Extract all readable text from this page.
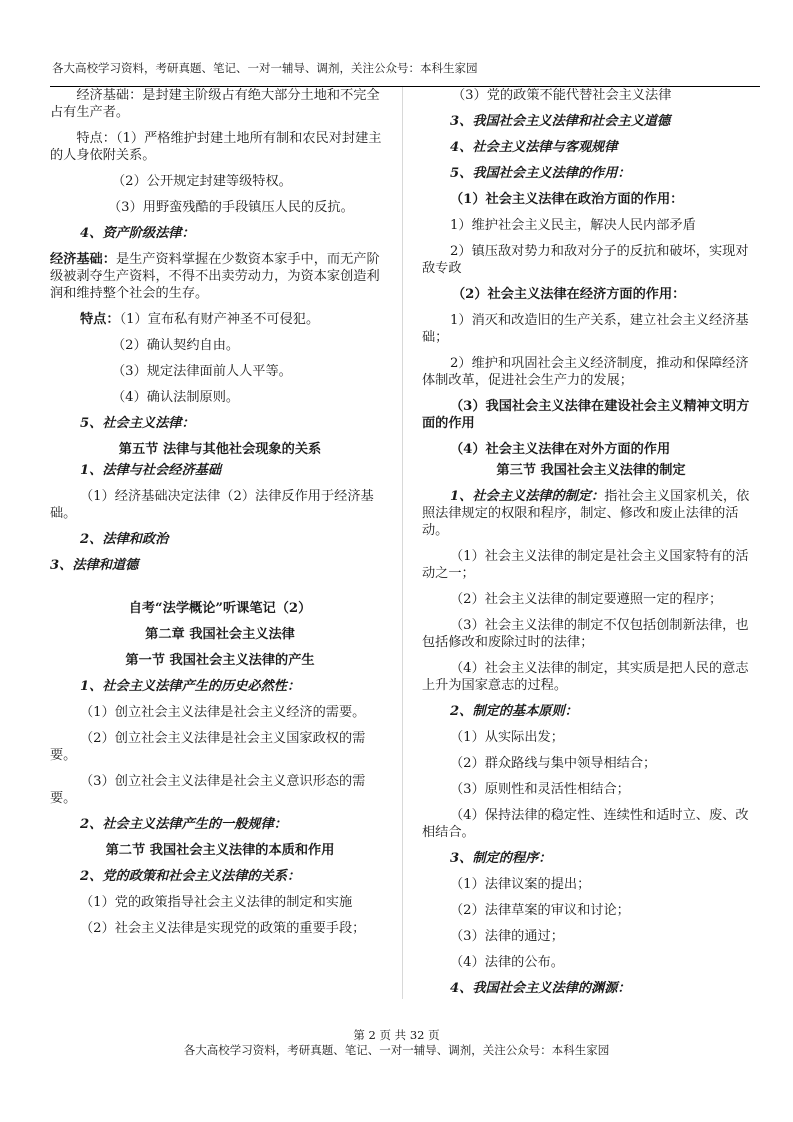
各大高校学习资料，考研真题、笔记、一对一辅导、调剂，关注公众号：本科生家园

　　经济基础：是封建主阶级占有绝大部分土地和不完全占有生产者。

　　特点：（1）严格维护封建土地所有制和农民对封建主的人身依附关系。

（2）公开规定封建等级特权。

（3）用野蛮残酷的手段镇压人民的反抗。

4、资产阶级法律：

经济基础：是生产资料掌握在少数资本家手中，而无产阶级被剥夺生产资料，不得不出卖劳动力，为资本家创造利润和维持整个社会的生存。

特点：（1）宣布私有财产神圣不可侵犯。

（2）确认契约自由。

（3）规定法律面前人人平等。

（4）确认法制原则。

5、社会主义法律：

第五节 法律与其他社会现象的关系

1、法律与社会经济基础

（1）经济基础决定法律（2）法律反作用于经济基础。

2、法律和政治

3、法律和道德

自考“法学概论”听课笔记（2）

第二章 我国社会主义法律

第一节 我国社会主义法律的产生

1、社会主义法律产生的历史必然性：

（1）创立社会主义法律是社会主义经济的需要。

（2）创立社会主义法律是社会主义国家政权的需要。

（3）创立社会主义法律是社会主义意识形态的需要。

2、社会主义法律产生的一般规律：

第二节 我国社会主义法律的本质和作用

2、党的政策和社会主义法律的关系：

（1）党的政策指导社会主义法律的制定和实施

（2）社会主义法律是实现党的政策的重要手段；

（3）党的政策不能代替社会主义法律

3、我国社会主义法律和社会主义道德

4、社会主义法律与客观规律

5、我国社会主义法律的作用：

（1）社会主义法律在政治方面的作用：

1）维护社会主义民主，解决人民内部矛盾

2）镇压敌对势力和敌对分子的反抗和破坏，实现对敌专政

（2）社会主义法律在经济方面的作用：

1）消灭和改造旧的生产关系，建立社会主义经济基础；

2）维护和巩固社会主义经济制度，推动和保障经济体制改革，促进社会生产力的发展；

（3）我国社会主义法律在建设社会主义精神文明方面的作用

（4）社会主义法律在对外方面的作用

第三节 我国社会主义法律的制定

1、社会主义法律的制定：指社会主义国家机关，依照法律规定的权限和程序，制定、修改和废止法律的活动。

（1）社会主义法律的制定是社会主义国家特有的活动之一；

（2）社会主义法律的制定要遵照一定的程序；

（3）社会主义法律的制定不仅包括创制新法律，也包括修改和废除过时的法律；

（4）社会主义法律的制定，其实质是把人民的意志上升为国家意志的过程。

2、制定的基本原则：

（1）从实际出发；

（2）群众路线与集中领导相结合；

（3）原则性和灵活性相结合；

（4）保持法律的稳定性、连续性和适时立、废、改相结合。

3、制定的程序：

（1）法律议案的提出；

（2）法律草案的审议和讨论；

（3）法律的通过；

（4）法律的公布。

4、我国社会主义法律的渊源：

第 2 页 共 32 页
各大高校学习资料，考研真题、笔记、一对一辅导、调剂，关注公众号：本科生家园
